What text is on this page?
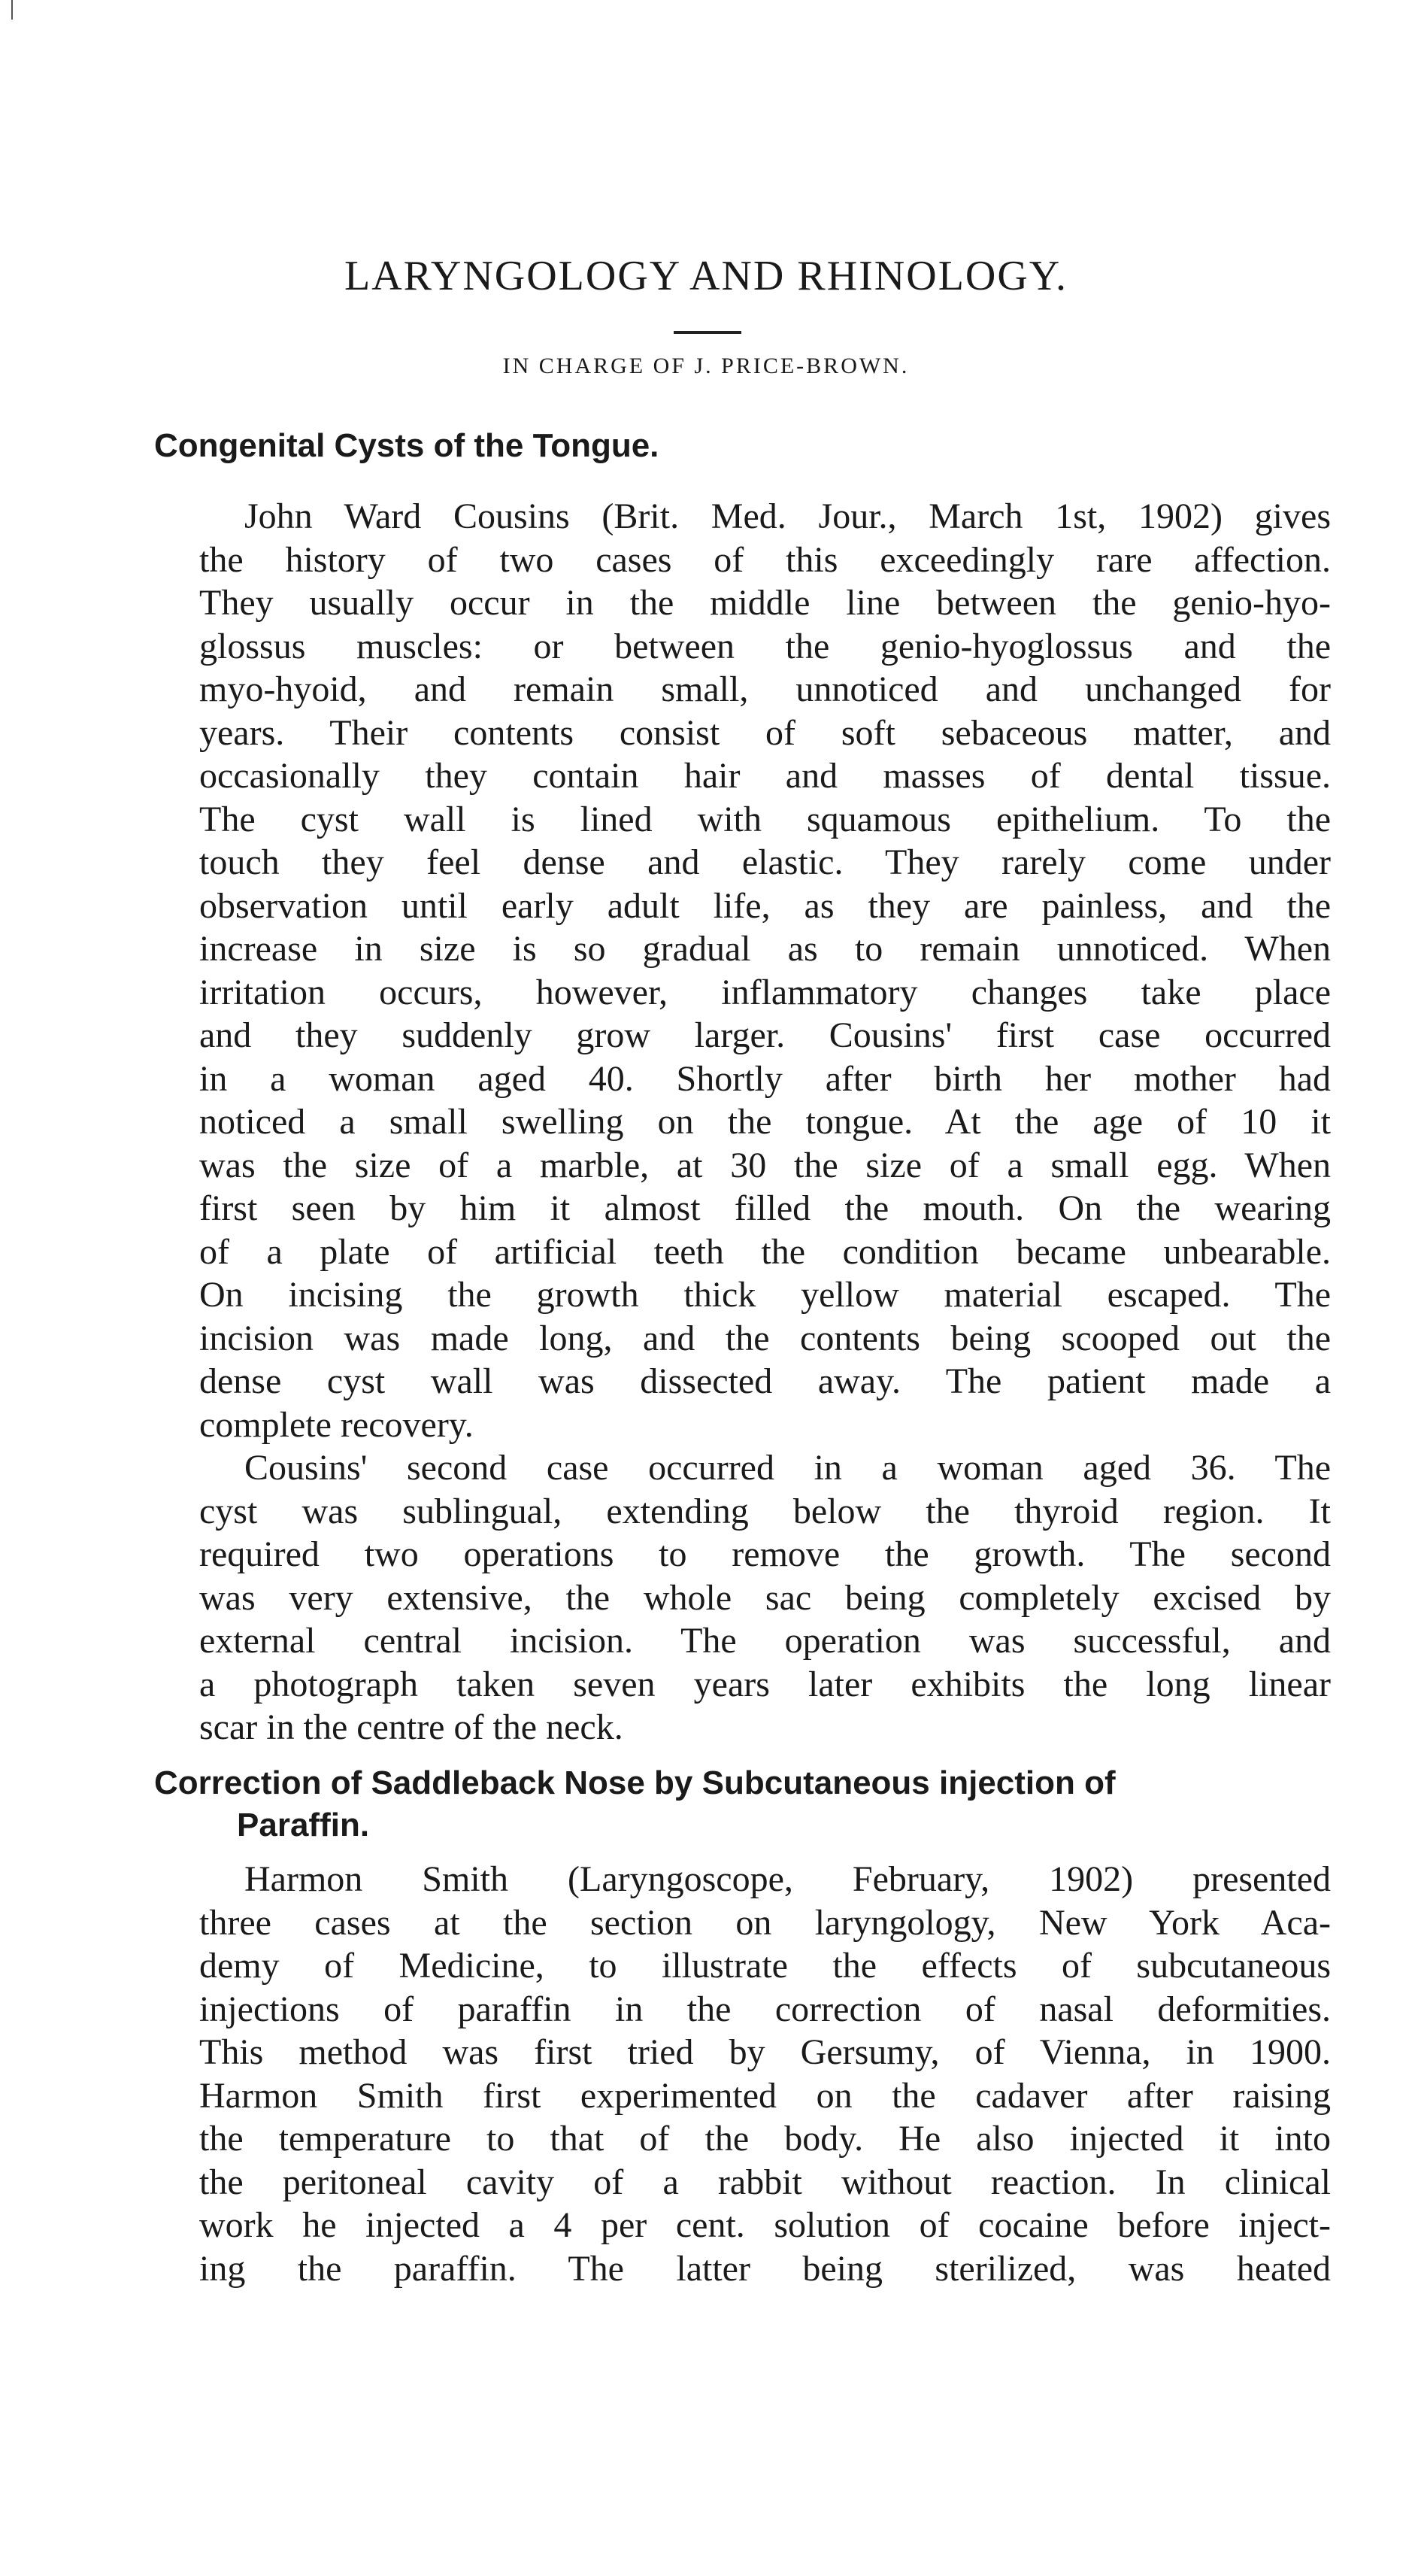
LARYNGOLOGY AND RHINOLOGY.
IN CHARGE OF J. PRICE-BROWN.
Congenital Cysts of the Tongue.
John Ward Cousins (Brit. Med. Jour., March 1st, 1902) gives
the history of two cases of this exceedingly rare affection.
They usually occur in the middle line between the genio-hyo-
glossus muscles: or between the genio-hyoglossus and the
myo-hyoid, and remain small, unnoticed and unchanged for
years. Their contents consist of soft sebaceous matter, and
occasionally they contain hair and masses of dental tissue.
The cyst wall is lined with squamous epithelium. To the
touch they feel dense and elastic. They rarely come under
observation until early adult life, as they are painless, and the
increase in size is so gradual as to remain unnoticed. When
irritation occurs, however, inflammatory changes take place
and they suddenly grow larger. Cousins' first case occurred
in a woman aged 40. Shortly after birth her mother had
noticed a small swelling on the tongue. At the age of 10 it
was the size of a marble, at 30 the size of a small egg. When
first seen by him it almost filled the mouth. On the wearing
of a plate of artificial teeth the condition became unbearable.
On incising the growth thick yellow material escaped. The
incision was made long, and the contents being scooped out the
dense cyst wall was dissected away. The patient made a
complete recovery.
Cousins' second case occurred in a woman aged 36. The
cyst was sublingual, extending below the thyroid region. It
required two operations to remove the growth. The second
was very extensive, the whole sac being completely excised by
external central incision. The operation was successful, and
a photograph taken seven years later exhibits the long linear
scar in the centre of the neck.
Correction of Saddleback Nose by Subcutaneous injection of
Paraffin.
Harmon Smith (Laryngoscope, February, 1902) presented
three cases at the section on laryngology, New York Aca-
demy of Medicine, to illustrate the effects of subcutaneous
injections of paraffin in the correction of nasal deformities.
This method was first tried by Gersumy, of Vienna, in 1900.
Harmon Smith first experimented on the cadaver after raising
the temperature to that of the body. He also injected it into
the peritoneal cavity of a rabbit without reaction. In clinical
work he injected a 4 per cent. solution of cocaine before inject-
ing the paraffin. The latter being sterilized, was heated
